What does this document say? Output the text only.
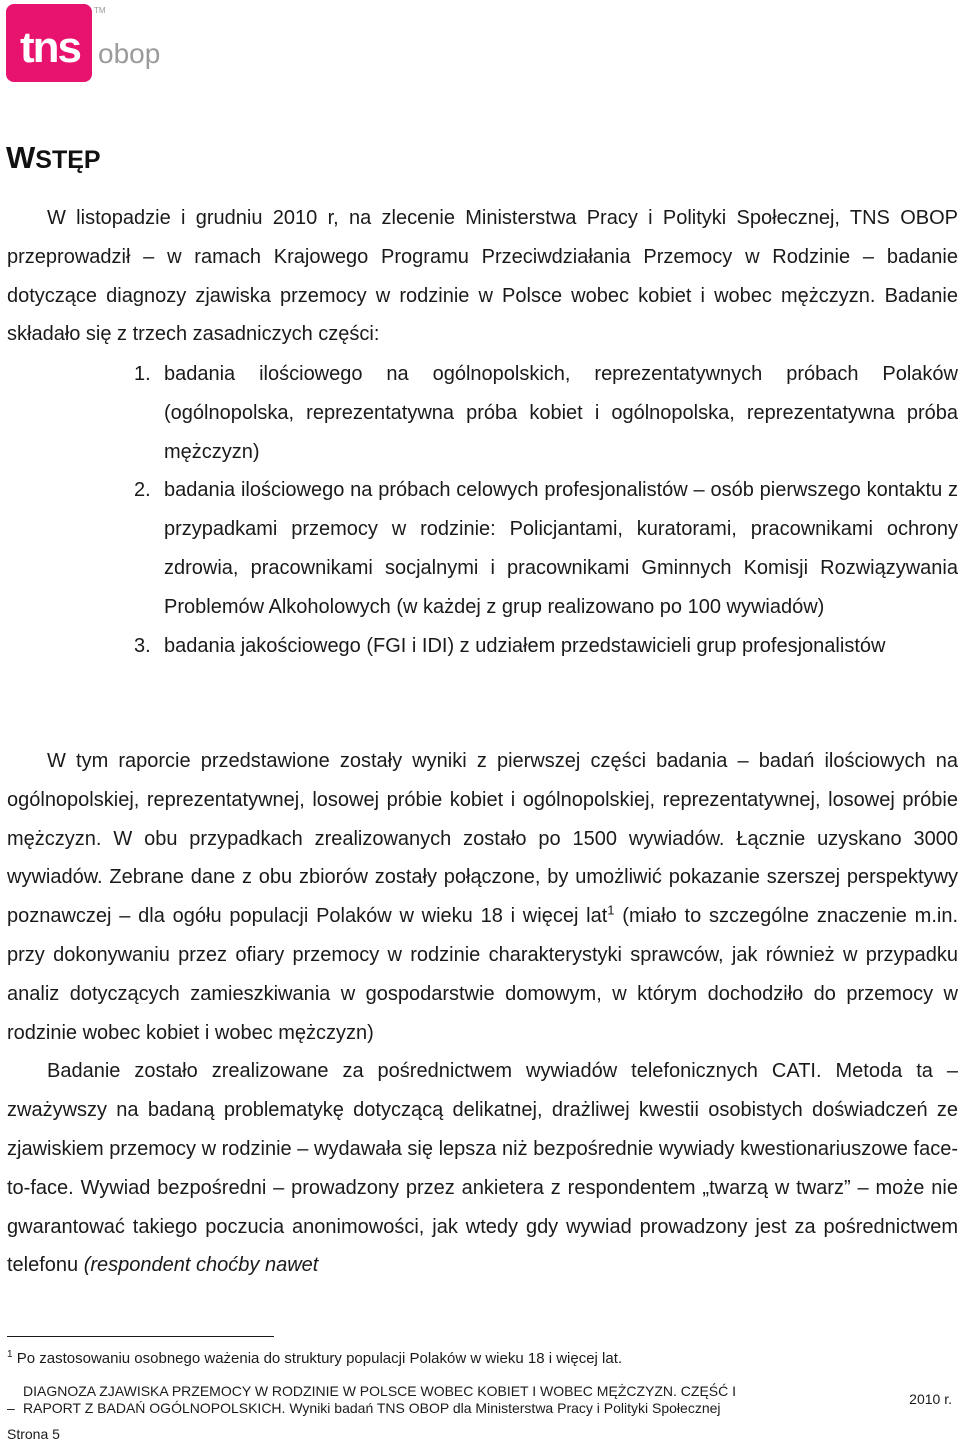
tns
TM
obop
WSTĘP

W listopadzie i grudniu 2010 r, na zlecenie Ministerstwa Pracy i Polityki Społecznej, TNS OBOP przeprowadził – w ramach Krajowego Programu Przeciwdziałania Przemocy w Rodzinie – badanie dotyczące diagnozy zjawiska przemocy w rodzinie w Polsce wobec kobiet i wobec mężczyzn. Badanie składało się z trzech zasadniczych części:

1. badania ilościowego na ogólnopolskich, reprezentatywnych próbach Polaków (ogólnopolska, reprezentatywna próba kobiet i ogólnopolska, reprezentatywna próba mężczyzn)
2. badania ilościowego na próbach celowych profesjonalistów – osób pierwszego kontaktu z przypadkami przemocy w rodzinie: Policjantami, kuratorami, pracownikami ochrony zdrowia, pracownikami socjalnymi i pracownikami Gminnych Komisji Rozwiązywania Problemów Alkoholowych (w każdej z grup realizowano po 100 wywiadów)
3. badania jakościowego (FGI i IDI) z udziałem przedstawicieli grup profesjonalistów

W tym raporcie przedstawione zostały wyniki z pierwszej części badania – badań ilościowych na ogólnopolskiej, reprezentatywnej, losowej próbie kobiet i ogólnopolskiej, reprezentatywnej, losowej próbie mężczyzn. W obu przypadkach zrealizowanych zostało po 1500 wywiadów. Łącznie uzyskano 3000 wywiadów. Zebrane dane z obu zbiorów zostały połączone, by umożliwić pokazanie szerszej perspektywy poznawczej – dla ogółu populacji Polaków w wieku 18 i więcej lat$^1$ (miało to szczególne znaczenie m.in. przy dokonywaniu przez ofiary przemocy w rodzinie charakterystyki sprawców, jak również w przypadku analiz dotyczących zamieszkiwania w gospodarstwie domowym, w którym dochodziło do przemocy w rodzinie wobec kobiet i wobec mężczyzn)

Badanie zostało zrealizowane za pośrednictwem wywiadów telefonicznych CATI. Metoda ta – zważywszy na badaną problematykę dotyczącą delikatnej, drażliwej kwestii osobistych doświadczeń ze zjawiskiem przemocy w rodzinie – wydawała się lepsza niż bezpośrednie wywiady kwestionariuszowe face-to-face. Wywiad bezpośredni – prowadzony przez ankietera z respondentem „twarzą w twarz” – może nie gwarantować takiego poczucia anonimowości, jak wtedy gdy wywiad prowadzony jest za pośrednictwem telefonu (respondent choćby nawet

$^1$ Po zastosowaniu osobnego ważenia do struktury populacji Polaków w wieku 18 i więcej lat.
DIAGNOZA ZJAWISKA PRZEMOCY W RODZINIE W POLSCE WOBEC KOBIET I WOBEC MĘŻCZYZN. CZĘŚĆ I
– RAPORT Z BADAŃ OGÓLNOPOLSKICH. Wyniki badań TNS OBOP dla Ministerstwa Pracy i Polityki Społecznej
2010 r.
Strona 5
